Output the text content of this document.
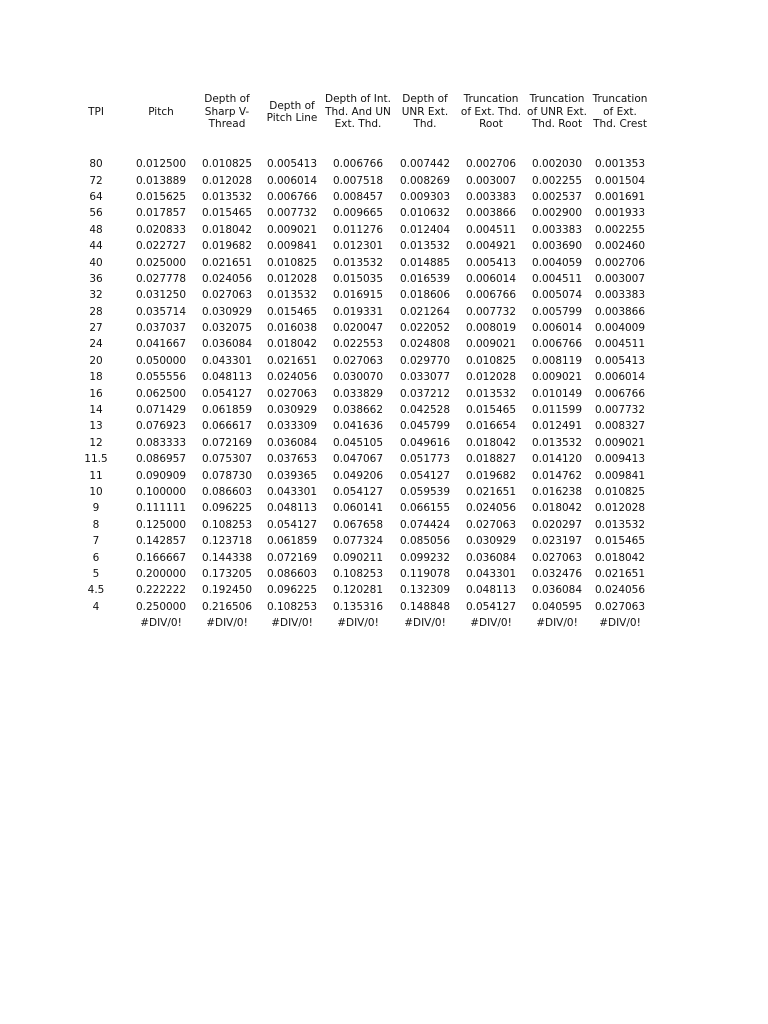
TPI	Pitch	Depth of Sharp V-Thread	Depth of Pitch Line	Depth of Int. Thd. And UN Ext. Thd.	Depth of UNR Ext. Thd.	Truncation of Ext. Thd. Root	Truncation of UNR Ext. Thd. Root	Truncation of Ext. Thd. Crest

80	0.012500	0.010825	0.005413	0.006766	0.007442	0.002706	0.002030	0.001353
72	0.013889	0.012028	0.006014	0.007518	0.008269	0.003007	0.002255	0.001504
64	0.015625	0.013532	0.006766	0.008457	0.009303	0.003383	0.002537	0.001691
56	0.017857	0.015465	0.007732	0.009665	0.010632	0.003866	0.002900	0.001933
48	0.020833	0.018042	0.009021	0.011276	0.012404	0.004511	0.003383	0.002255
44	0.022727	0.019682	0.009841	0.012301	0.013532	0.004921	0.003690	0.002460
40	0.025000	0.021651	0.010825	0.013532	0.014885	0.005413	0.004059	0.002706
36	0.027778	0.024056	0.012028	0.015035	0.016539	0.006014	0.004511	0.003007
32	0.031250	0.027063	0.013532	0.016915	0.018606	0.006766	0.005074	0.003383
28	0.035714	0.030929	0.015465	0.019331	0.021264	0.007732	0.005799	0.003866
27	0.037037	0.032075	0.016038	0.020047	0.022052	0.008019	0.006014	0.004009
24	0.041667	0.036084	0.018042	0.022553	0.024808	0.009021	0.006766	0.004511
20	0.050000	0.043301	0.021651	0.027063	0.029770	0.010825	0.008119	0.005413
18	0.055556	0.048113	0.024056	0.030070	0.033077	0.012028	0.009021	0.006014
16	0.062500	0.054127	0.027063	0.033829	0.037212	0.013532	0.010149	0.006766
14	0.071429	0.061859	0.030929	0.038662	0.042528	0.015465	0.011599	0.007732
13	0.076923	0.066617	0.033309	0.041636	0.045799	0.016654	0.012491	0.008327
12	0.083333	0.072169	0.036084	0.045105	0.049616	0.018042	0.013532	0.009021
11.5	0.086957	0.075307	0.037653	0.047067	0.051773	0.018827	0.014120	0.009413
11	0.090909	0.078730	0.039365	0.049206	0.054127	0.019682	0.014762	0.009841
10	0.100000	0.086603	0.043301	0.054127	0.059539	0.021651	0.016238	0.010825
9	0.111111	0.096225	0.048113	0.060141	0.066155	0.024056	0.018042	0.012028
8	0.125000	0.108253	0.054127	0.067658	0.074424	0.027063	0.020297	0.013532
7	0.142857	0.123718	0.061859	0.077324	0.085056	0.030929	0.023197	0.015465
6	0.166667	0.144338	0.072169	0.090211	0.099232	0.036084	0.027063	0.018042
5	0.200000	0.173205	0.086603	0.108253	0.119078	0.043301	0.032476	0.021651
4.5	0.222222	0.192450	0.096225	0.120281	0.132309	0.048113	0.036084	0.024056
4	0.250000	0.216506	0.108253	0.135316	0.148848	0.054127	0.040595	0.027063
	#DIV/0!	#DIV/0!	#DIV/0!	#DIV/0!	#DIV/0!	#DIV/0!	#DIV/0!	#DIV/0!
